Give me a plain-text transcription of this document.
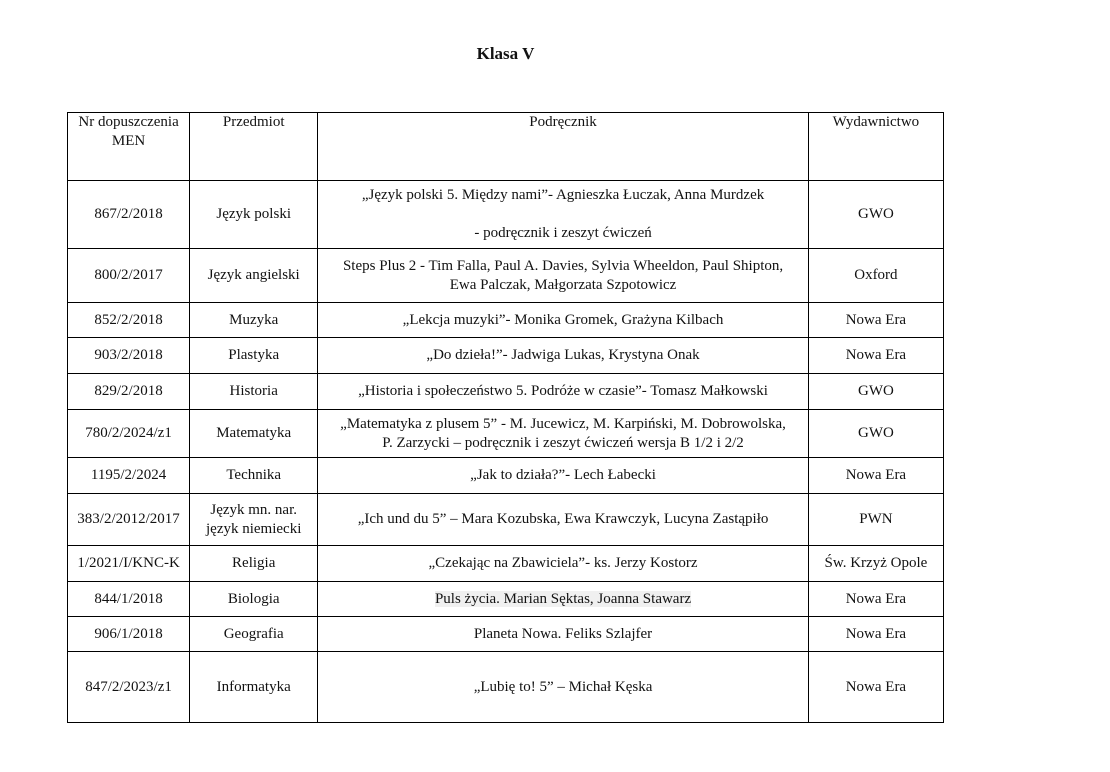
Klasa V

Nr dopuszczenia
MEN	Przedmiot	Podręcznik	Wydawnictwo

867/2/2018	Język polski	„Język polski 5. Między nami”- Agnieszka Łuczak, Anna Murdzek

- podręcznik i zeszyt ćwiczeń	GWO

800/2/2017	Język angielski	Steps Plus 2 - Tim Falla, Paul A. Davies, Sylvia Wheeldon, Paul Shipton,
Ewa Palczak, Małgorzata Szpotowicz	Oxford

852/2/2018	Muzyka	„Lekcja muzyki”- Monika Gromek, Grażyna Kilbach	Nowa Era

903/2/2018	Plastyka	„Do dzieła!”- Jadwiga Lukas, Krystyna Onak	Nowa Era

829/2/2018	Historia	„Historia i społeczeństwo 5. Podróże w czasie”- Tomasz Małkowski	GWO

780/2/2024/z1	Matematyka	„Matematyka z plusem 5” - M. Jucewicz, M. Karpiński, M. Dobrowolska,
P. Zarzycki – podręcznik i zeszyt ćwiczeń wersja B 1/2 i 2/2	GWO

1195/2/2024	Technika	„Jak to działa?”- Lech Łabecki	Nowa Era

383/2/2012/2017	Język mn. nar.
język niemiecki	„Ich und du 5” – Mara Kozubska, Ewa Krawczyk, Lucyna Zastąpiło	PWN

1/2021/I/KNC-K	Religia	„Czekając na Zbawiciela”- ks. Jerzy Kostorz	Św. Krzyż Opole

844/1/2018	Biologia	Puls życia. Marian Sęktas, Joanna Stawarz	Nowa Era

906/1/2018	Geografia	Planeta Nowa. Feliks Szlajfer	Nowa Era

847/2/2023/z1	Informatyka	„Lubię to! 5” – Michał Kęska	Nowa Era
